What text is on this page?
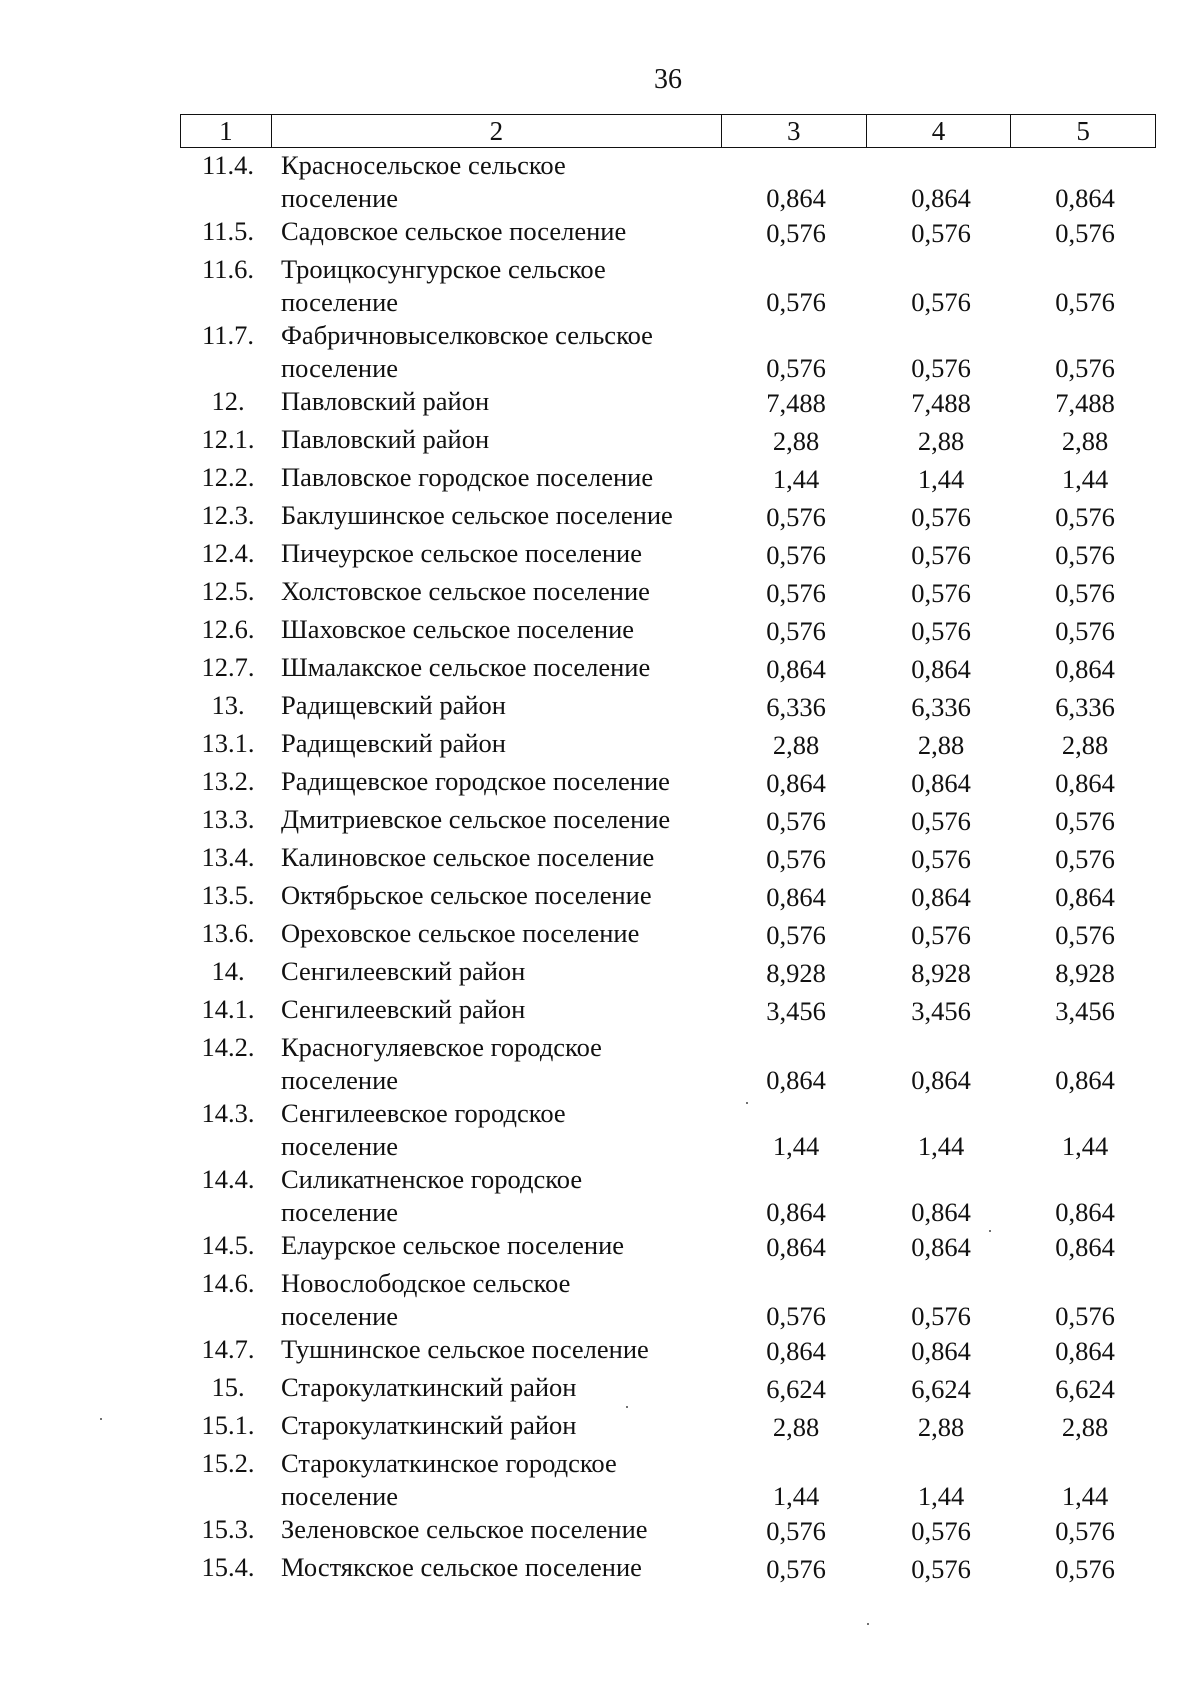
36
1	2	3	4	5
11.4.	Красносельское сельское
поселение	0,864	0,864	0,864
11.5.	Садовское сельское поселение	0,576	0,576	0,576
11.6.	Троицкосунгурское сельское
поселение	0,576	0,576	0,576
11.7.	Фабричновыселковское сельское
поселение	0,576	0,576	0,576
12.	Павловский район	7,488	7,488	7,488
12.1.	Павловский район	2,88	2,88	2,88
12.2.	Павловское городское поселение	1,44	1,44	1,44
12.3.	Баклушинское сельское поселение	0,576	0,576	0,576
12.4.	Пичеурское сельское поселение	0,576	0,576	0,576
12.5.	Холстовское сельское поселение	0,576	0,576	0,576
12.6.	Шаховское сельское поселение	0,576	0,576	0,576
12.7.	Шмалакское сельское поселение	0,864	0,864	0,864
13.	Радищевский район	6,336	6,336	6,336
13.1.	Радищевский район	2,88	2,88	2,88
13.2.	Радищевское городское поселение	0,864	0,864	0,864
13.3.	Дмитриевское сельское поселение	0,576	0,576	0,576
13.4.	Калиновское сельское поселение	0,576	0,576	0,576
13.5.	Октябрьское сельское поселение	0,864	0,864	0,864
13.6.	Ореховское сельское поселение	0,576	0,576	0,576
14.	Сенгилеевский район	8,928	8,928	8,928
14.1.	Сенгилеевский район	3,456	3,456	3,456
14.2.	Красногуляевское городское
поселение	0,864	0,864	0,864
14.3.	Сенгилеевское городское
поселение	1,44	1,44	1,44
14.4.	Силикатненское городское
поселение	0,864	0,864	0,864
14.5.	Елаурское сельское поселение	0,864	0,864	0,864
14.6.	Новослободское сельское
поселение	0,576	0,576	0,576
14.7.	Тушнинское сельское поселение	0,864	0,864	0,864
15.	Старокулаткинский район	6,624	6,624	6,624
15.1.	Старокулаткинский район	2,88	2,88	2,88
15.2.	Старокулаткинское городское
поселение	1,44	1,44	1,44
15.3.	Зеленовское сельское поселение	0,576	0,576	0,576
15.4.	Мостякское сельское поселение	0,576	0,576	0,576
